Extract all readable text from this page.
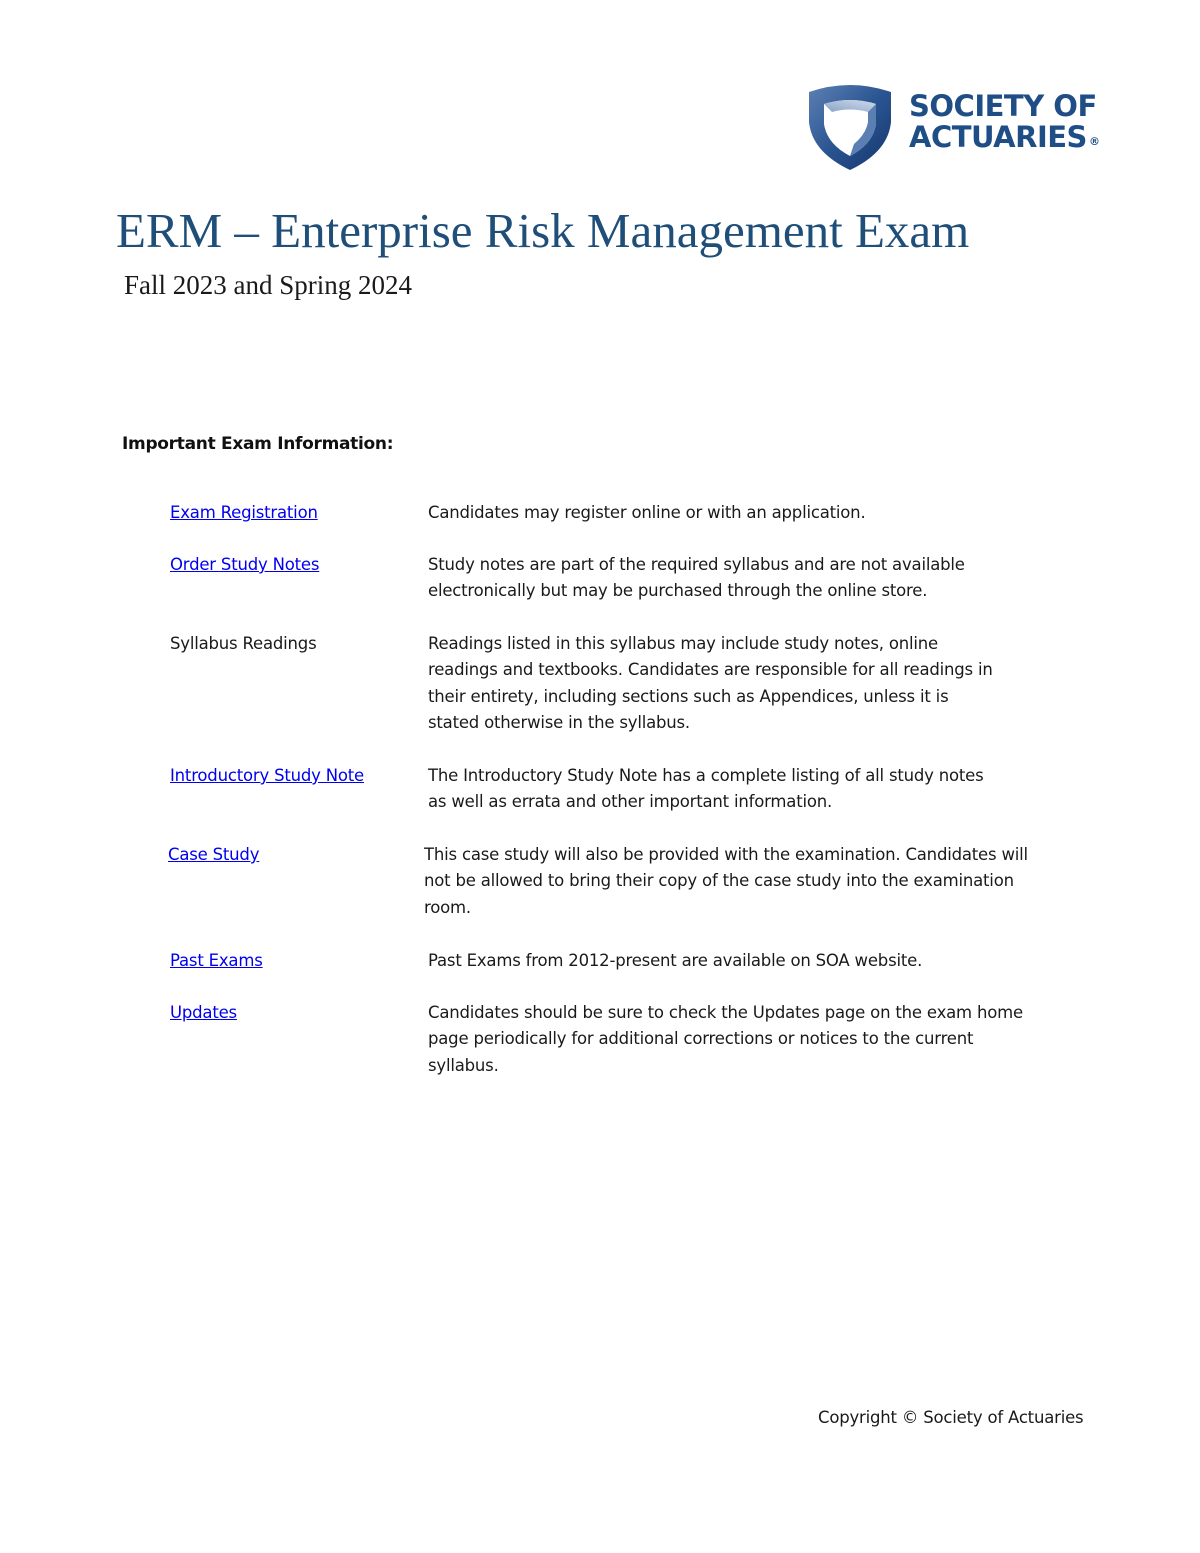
SOCIETY OF
ACTUARIES ®
ERM – Enterprise Risk Management Exam
Fall 2023 and Spring 2024
Important Exam Information:
Exam Registration	Candidates may register online or with an application.
Order Study Notes	Study notes are part of the required syllabus and are not available
electronically but may be purchased through the online store.
Syllabus Readings	Readings listed in this syllabus may include study notes, online
readings and textbooks. Candidates are responsible for all readings in
their entirety, including sections such as Appendices, unless it is
stated otherwise in the syllabus.
Introductory Study Note	The Introductory Study Note has a complete listing of all study notes
as well as errata and other important information.
Case Study	This case study will also be provided with the examination. Candidates will
not be allowed to bring their copy of the case study into the examination
room.
Past Exams	Past Exams from 2012-present are available on SOA website.
Updates	Candidates should be sure to check the Updates page on the exam home
page periodically for additional corrections or notices to the current
syllabus.
Copyright © Society of Actuaries
